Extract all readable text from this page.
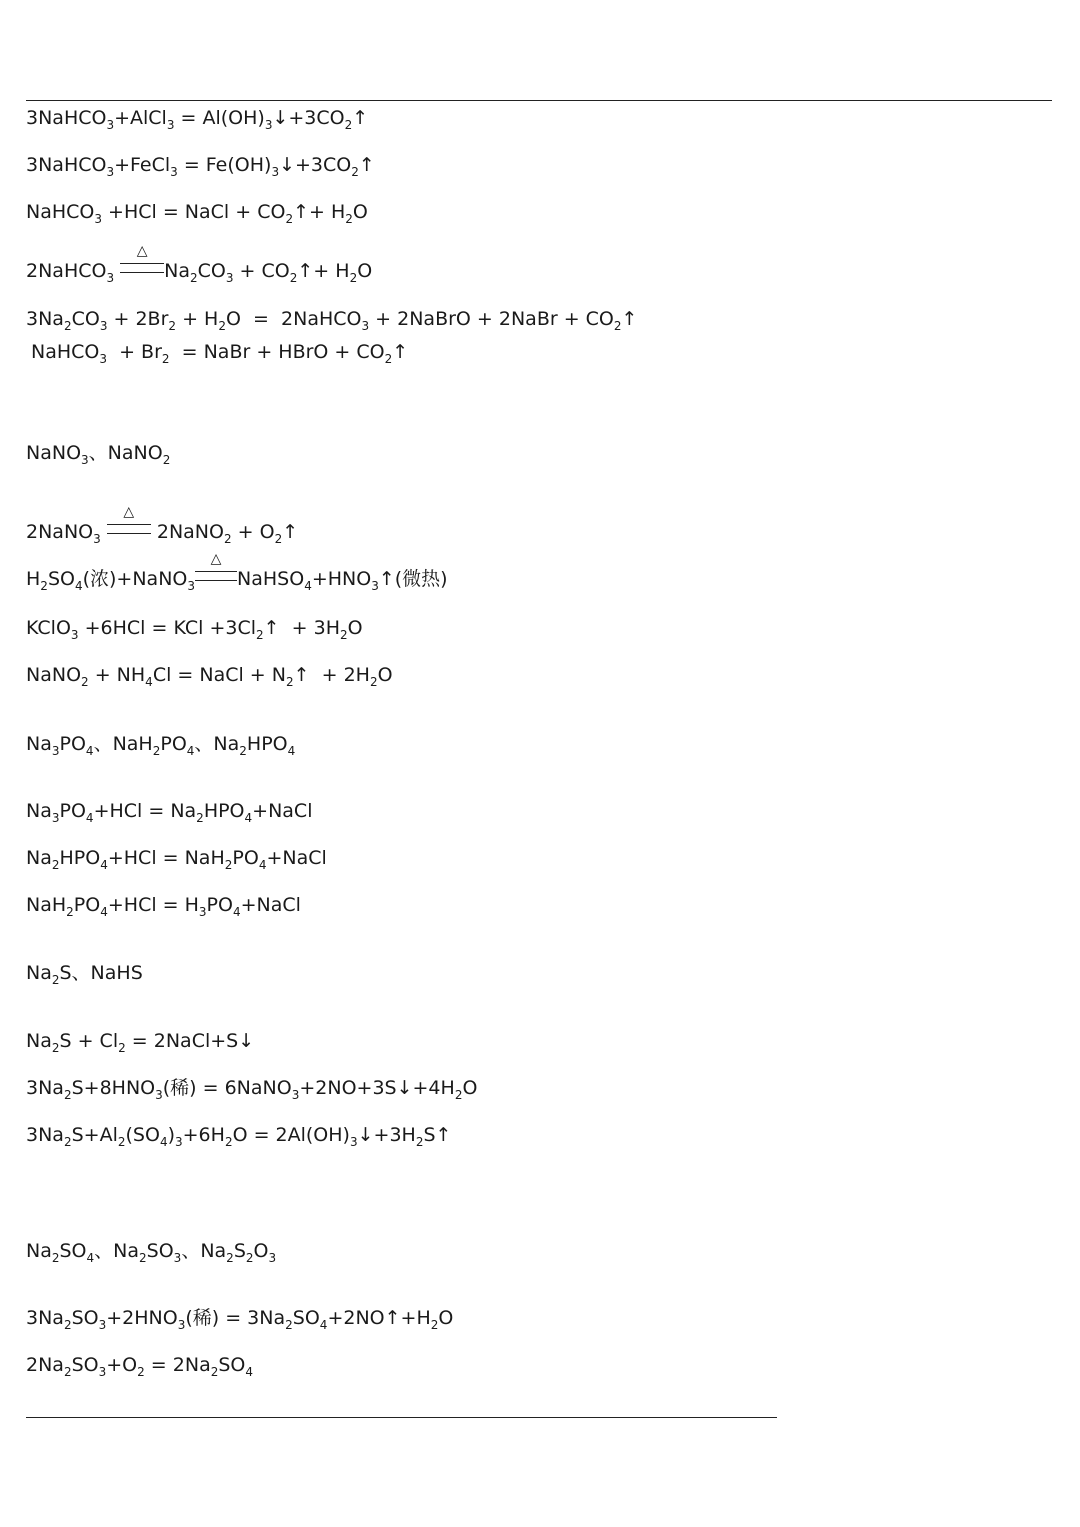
3NaHCO$_3$+AlCl$_3$ = $Al(OH)_3↓+3CO_2↑$
3NaHCO$_3$+FeCl$_3$ = $Fe(OH)_3↓+3CO_2↑$
NaHCO$_3$ +HCl = NaCl + $CO_2↑+ H_2O$
2NaHCO$_3$
△
$Na_2CO_3$ + $CO_2↑+ H_2O$
$3Na_2CO_3 + 2Br_2 + H_2O$  =  2NaHCO$_3$ + 2NaBrO + 2NaBr + $CO_2↑$
NaHCO$_3$  + $Br_2$  = NaBr + HBrO + $CO_2↑$
NaNO$_3$、NaNO$_2$
2NaNO$_3$
△
2NaNO$_2$ + $O_2↑$
$H_2SO_4$(浓)+NaNO$_3$
△
$NaHSO_4+HNO_3↑$(微热)
KClO$_3$ +6HCl = KCl $+3Cl_2↑ + 3H_2O$
NaNO$_2$ + $NH_4Cl$ = NaCl + $N_2↑ + 2H_2O$
$Na_3PO_4$、$NaH_2PO_4$、$Na_2HPO_4$
$Na_3PO_4+HCl$ = $Na_2HPO_4+NaCl$
$Na_2HPO_4+HCl$ = $NaH_2PO_4+NaCl$
$NaH_2PO_4+HCl$ = $H_3PO_4+NaCl$
$Na_2S$、NaHS
$Na_2S + Cl_2$ = 2NaCl+S↓
$3Na_2S+8HNO_3$(稀) = $6NaNO_3+2NO+3S↓+4H_2O$
$3Na_2S+Al_2(SO_4)_3+6H_2O$ = $2Al(OH)_3↓+3H_2S↑$
$Na_2SO_4$、$Na_2SO_3$、$Na_2S_2O_3$
$3Na_2SO_3+2HNO_3$(稀) = $3Na_2SO_4+2NO↑+H_2O$
$2Na_2SO_3+O_2 = 2Na_2SO_4$
